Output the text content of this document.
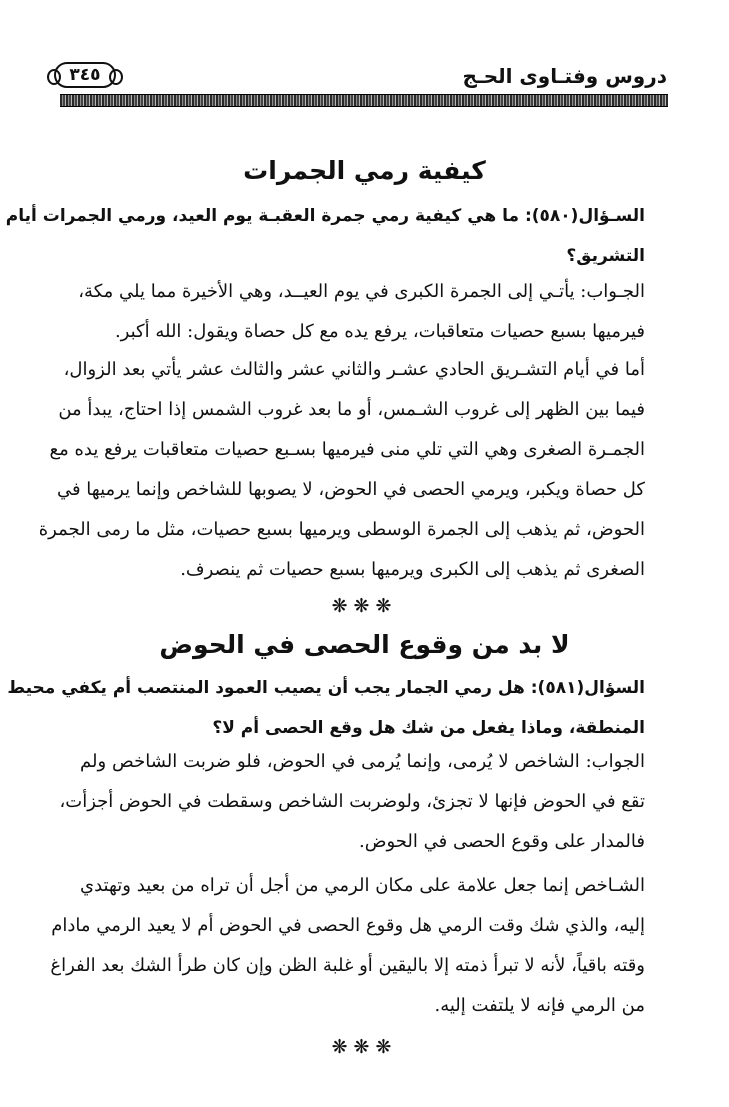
دروس وفتـاوى الحـج
٣٤٥
كيفية رمي الجمرات
السـؤال(٥٨٠): ما هي كيفية رمي جمرة العقبـة يوم العيد، ورمي الجمرات أيام
التشريق؟
الجـواب: يأتـي إلى الجمرة الكبرى في يوم العيــد، وهي الأخيرة مما يلي مكة،
فيرميها بسبع حصيات متعاقبات، يرفع يده مع كل حصاة ويقول: الله أكبر.
أما في أيام التشـريق الحادي عشـر والثاني عشر والثالث عشر يأتي بعد الزوال،
فيما بين الظهر إلى غروب الشـمس، أو ما بعد غروب الشمس إذا احتاج، يبدأ من
الجمـرة الصغرى وهي التي تلي منى فيرميها بسـبع حصيات متعاقبات يرفع يده مع
كل حصاة ويكبر، ويرمي الحصى في الحوض، لا يصوبها للشاخص وإنما يرميها في
الحوض، ثم يذهب إلى الجمرة الوسطى ويرميها بسبع حصيات، مثل ما رمى الجمرة
الصغرى ثم يذهب إلى الكبرى ويرميها بسبع حصيات ثم ينصرف.
❋❋❋
لا بد من وقوع الحصى في الحوض
السؤال(٥٨١): هل رمي الجمار يجب أن يصيب العمود المنتصب أم يكفي محيط
المنطقة، وماذا يفعل من شك هل وقع الحصى أم لا؟
الجواب: الشاخص لا يُرمى، وإنما يُرمى في الحوض، فلو ضربت الشاخص ولم
تقع في الحوض فإنها لا تجزئ، ولوضربت الشاخص وسقطت في الحوض أجزأت،
فالمدار على وقوع الحصى في الحوض.
الشـاخص إنما جعل علامة على مكان الرمي من أجل أن تراه من بعيد وتهتدي
إليه، والذي شك وقت الرمي هل وقوع الحصى في الحوض أم لا يعيد الرمي مادام
وقته باقياً، لأنه لا تبرأ ذمته إلا باليقين أو غلبة الظن وإن كان طرأ الشك بعد الفراغ
من الرمي فإنه لا يلتفت إليه.
❋❋❋
